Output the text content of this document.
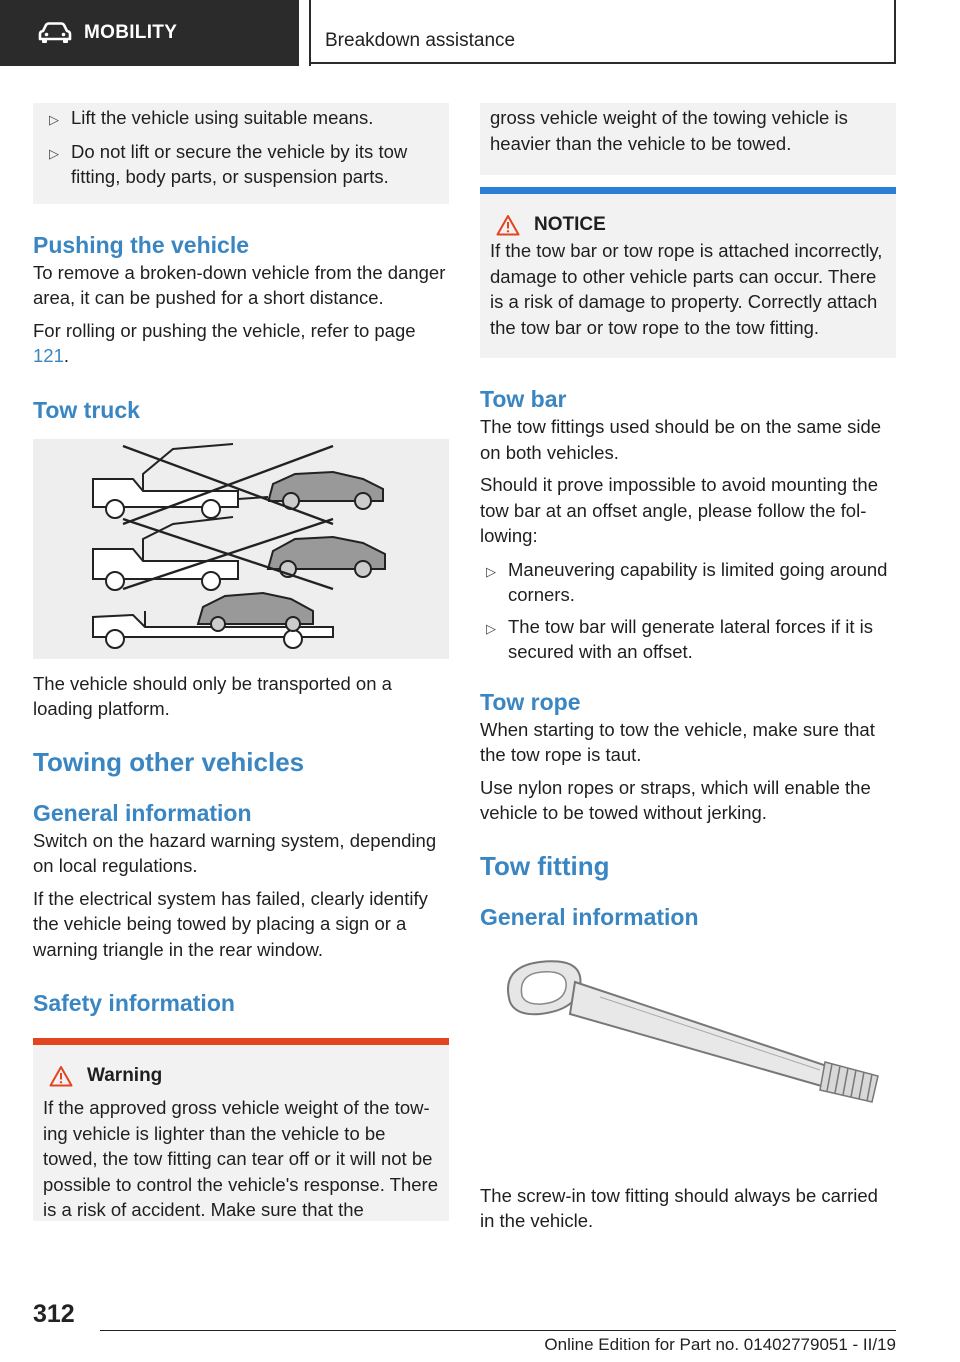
MOBILITY	Breakdown assistance
▷ Lift the vehicle using suitable means.
▷ Do not lift or secure the vehicle by its tow fitting, body parts, or suspension parts.
Pushing the vehicle

To remove a broken-down vehicle from the danger area, it can be pushed for a short distance.

For rolling or pushing the vehicle, refer to page 121.

Tow truck

The vehicle should only be transported on a loading platform.

Towing other vehicles
General information

Switch on the hazard warning system, depending on local regulations.

If the electrical system has failed, clearly identify the vehicle being towed by placing a sign or a warning triangle in the rear window.

Safety information
Warning

If the approved gross vehicle weight of the towing vehicle is lighter than the vehicle to be towed, the tow fitting can tear off or it will not be possible to control the vehicle's response. There is a risk of accident. Make sure that the

gross vehicle weight of the towing vehicle is heavier than the vehicle to be towed.

NOTICE

If the tow bar or tow rope is attached incorrectly, damage to other vehicle parts can occur. There is a risk of damage to property. Correctly attach the tow bar or tow rope to the tow fitting.

Tow bar

The tow fittings used should be on the same side on both vehicles.

Should it prove impossible to avoid mounting the tow bar at an offset angle, please follow the following:

▷ Maneuvering capability is limited going around corners.
▷ The tow bar will generate lateral forces if it is secured with an offset.
Tow rope

When starting to tow the vehicle, make sure that the tow rope is taut.

Use nylon ropes or straps, which will enable the vehicle to be towed without jerking.

Tow fitting
General information

The screw-in tow fitting should always be carried in the vehicle.

312
Online Edition for Part no. 01402779051 - II/19
